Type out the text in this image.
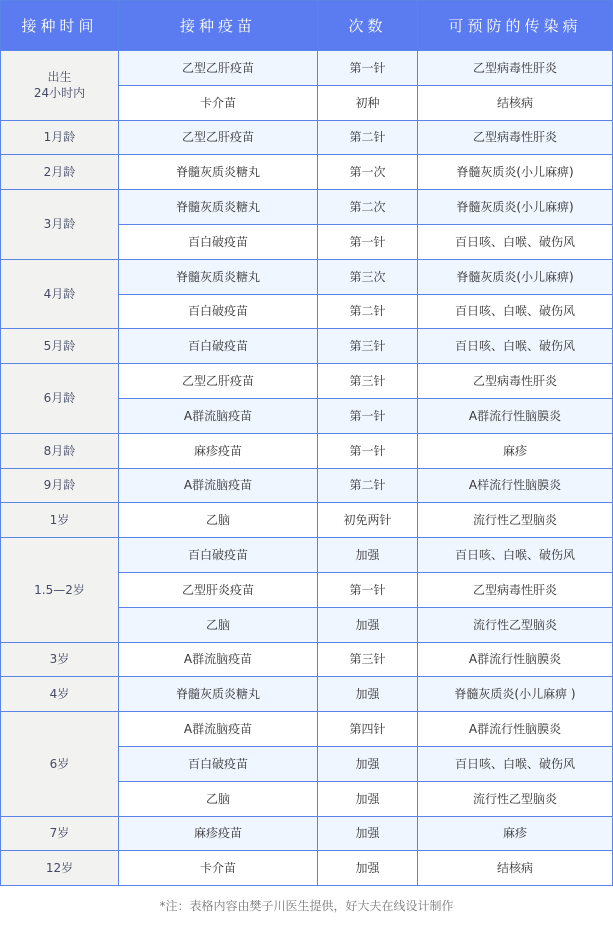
接种时间	接种疫苗	次数	可预防的传染病

出生
24小时内	乙型乙肝疫苗	第一针	乙型病毒性肝炎
	卡介苗	初种	结核病

1月龄	乙型乙肝疫苗	第二针	乙型病毒性肝炎

2月龄	脊髓灰质炎糖丸	第一次	脊髓灰质炎(小儿麻痹)

3月龄	脊髓灰质炎糖丸	第二次	脊髓灰质炎(小儿麻痹)
	百白破疫苗	第一针	百日咳、白喉、破伤风

4月龄	脊髓灰质炎糖丸	第三次	脊髓灰质炎(小儿麻痹)
	百白破疫苗	第二针	百日咳、白喉、破伤风

5月龄	百白破疫苗	第三针	百日咳、白喉、破伤风

6月龄	乙型乙肝疫苗	第三针	乙型病毒性肝炎
	A群流脑疫苗	第一针	A群流行性脑膜炎

8月龄	麻疹疫苗	第一针	麻疹

9月龄	A群流脑疫苗	第二针	A样流行性脑膜炎

1岁	乙脑	初免两针	流行性乙型脑炎

1.5—2岁	百白破疫苗	加强	百日咳、白喉、破伤风
	乙型肝炎疫苗	第一针	乙型病毒性肝炎
	乙脑	加强	流行性乙型脑炎

3岁	A群流脑疫苗	第三针	A群流行性脑膜炎

4岁	脊髓灰质炎糖丸	加强	脊髓灰质炎(小儿麻痹 )

6岁	A群流脑疫苗	第四针	A群流行性脑膜炎
	百白破疫苗	加强	百日咳、白喉、破伤风
	乙脑	加强	流行性乙型脑炎

7岁	麻疹疫苗	加强	麻疹

12岁	卡介苗	加强	结核病
*注：表格内容由樊子川医生提供，好大夫在线设计制作
